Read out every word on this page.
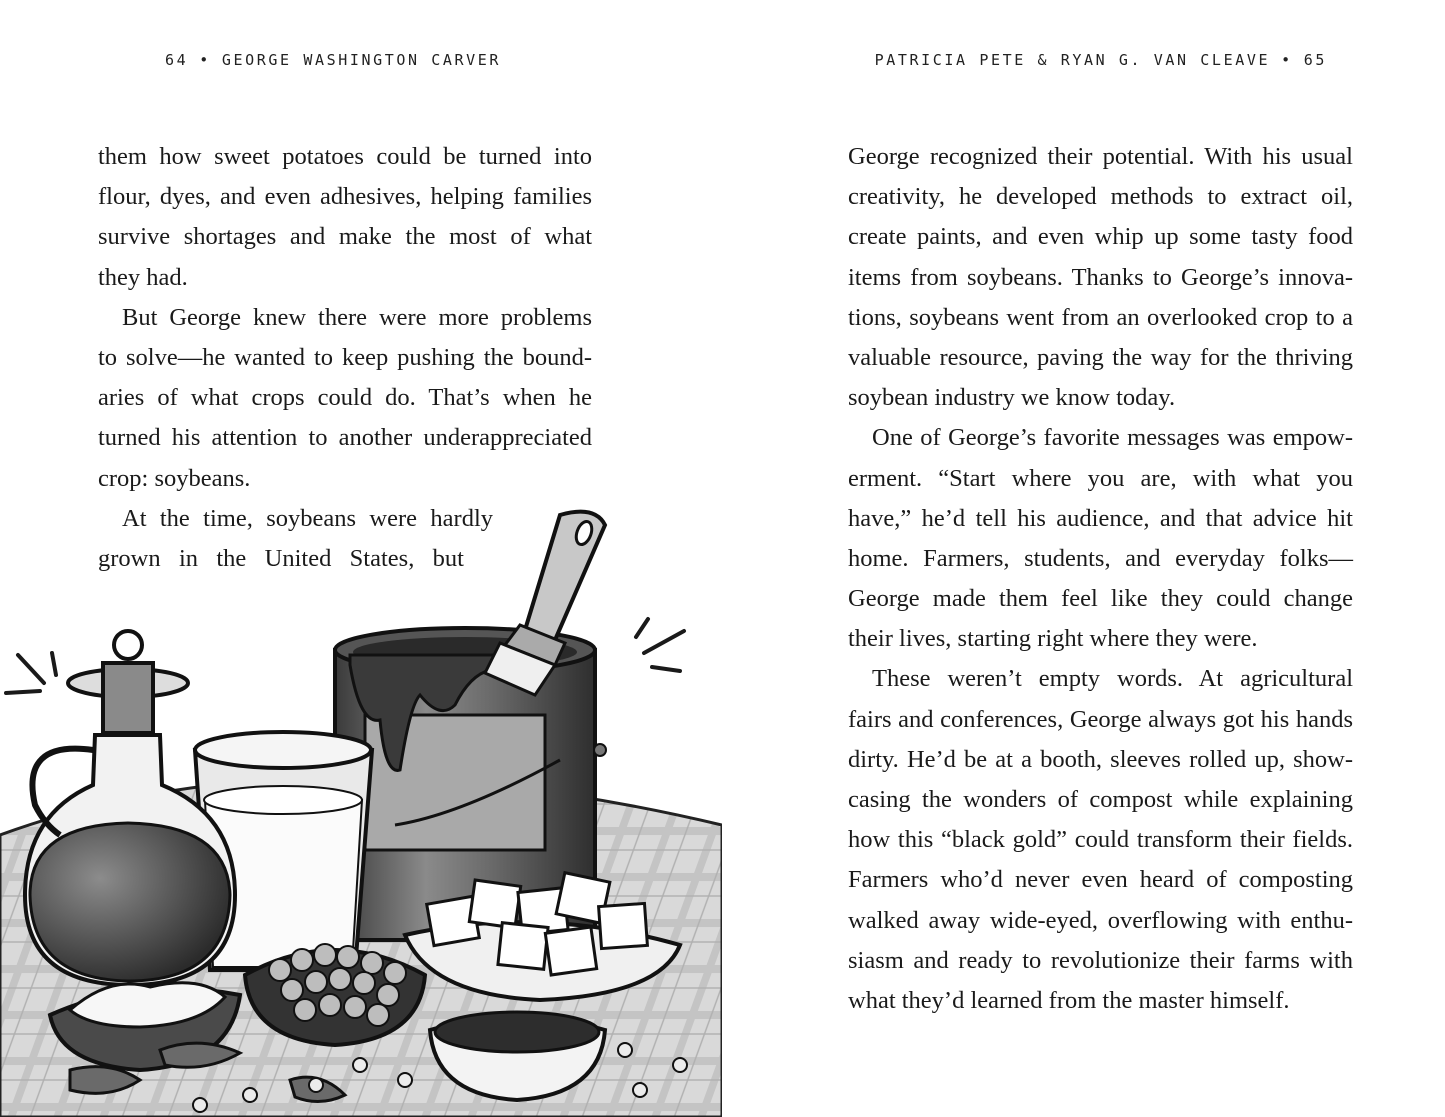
64 • GEORGE WASHINGTON CARVER
them how sweet potatoes could be turned into
flour, dyes, and even adhesives, helping families
survive shortages and make the most of what
they had.
But George knew there were more problems
to solve—he wanted to keep pushing the bound-
aries of what crops could do. That’s when he
turned his attention to another underappreciated
crop: soybeans.
At the time, soybeans were hardly
grown in the United States, but
PATRICIA PETE & RYAN G. VAN CLEAVE • 65
George recognized their potential. With his usual
creativity, he developed methods to extract oil,
create paints, and even whip up some tasty food
items from soybeans. Thanks to George’s innova-
tions, soybeans went from an overlooked crop to a
valuable resource, paving the way for the thriving
soybean industry we know today.
One of George’s favorite messages was empow-
erment. “Start where you are, with what you
have,” he’d tell his audience, and that advice hit
home. Farmers, students, and everyday folks—
George made them feel like they could change
their lives, starting right where they were.
These weren’t empty words. At agricultural
fairs and conferences, George always got his hands
dirty. He’d be at a booth, sleeves rolled up, show-
casing the wonders of compost while explaining
how this “black gold” could transform their fields.
Farmers who’d never even heard of composting
walked away wide-eyed, overflowing with enthu-
siasm and ready to revolutionize their farms with
what they’d learned from the master himself.
